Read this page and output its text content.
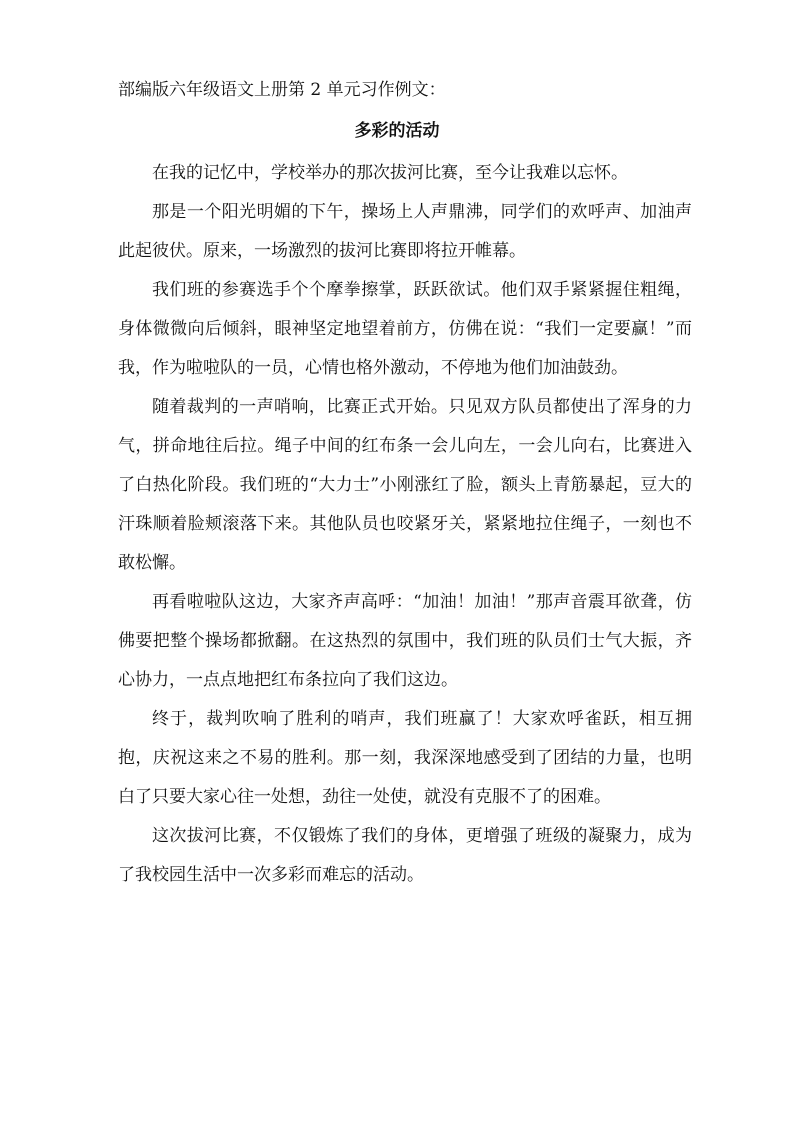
部编版六年级语文上册第 2 单元习作例文：
多彩的活动

在我的记忆中，学校举办的那次拔河比赛，至今让我难以忘怀。

那是一个阳光明媚的下午，操场上人声鼎沸，同学们的欢呼声、加油声此起彼伏。原来，一场激烈的拔河比赛即将拉开帷幕。

我们班的参赛选手个个摩拳擦掌，跃跃欲试。他们双手紧紧握住粗绳，身体微微向后倾斜，眼神坚定地望着前方，仿佛在说：“我们一定要赢！”而我，作为啦啦队的一员，心情也格外激动，不停地为他们加油鼓劲。

随着裁判的一声哨响，比赛正式开始。只见双方队员都使出了浑身的力气，拼命地往后拉。绳子中间的红布条一会儿向左，一会儿向右，比赛进入了白热化阶段。我们班的“大力士”小刚涨红了脸，额头上青筋暴起，豆大的汗珠顺着脸颊滚落下来。其他队员也咬紧牙关，紧紧地拉住绳子，一刻也不敢松懈。

再看啦啦队这边，大家齐声高呼：“加油！加油！”那声音震耳欲聋，仿佛要把整个操场都掀翻。在这热烈的氛围中，我们班的队员们士气大振，齐心协力，一点点地把红布条拉向了我们这边。

终于，裁判吹响了胜利的哨声，我们班赢了！大家欢呼雀跃，相互拥抱，庆祝这来之不易的胜利。那一刻，我深深地感受到了团结的力量，也明白了只要大家心往一处想，劲往一处使，就没有克服不了的困难。

这次拔河比赛，不仅锻炼了我们的身体，更增强了班级的凝聚力，成为了我校园生活中一次多彩而难忘的活动。
